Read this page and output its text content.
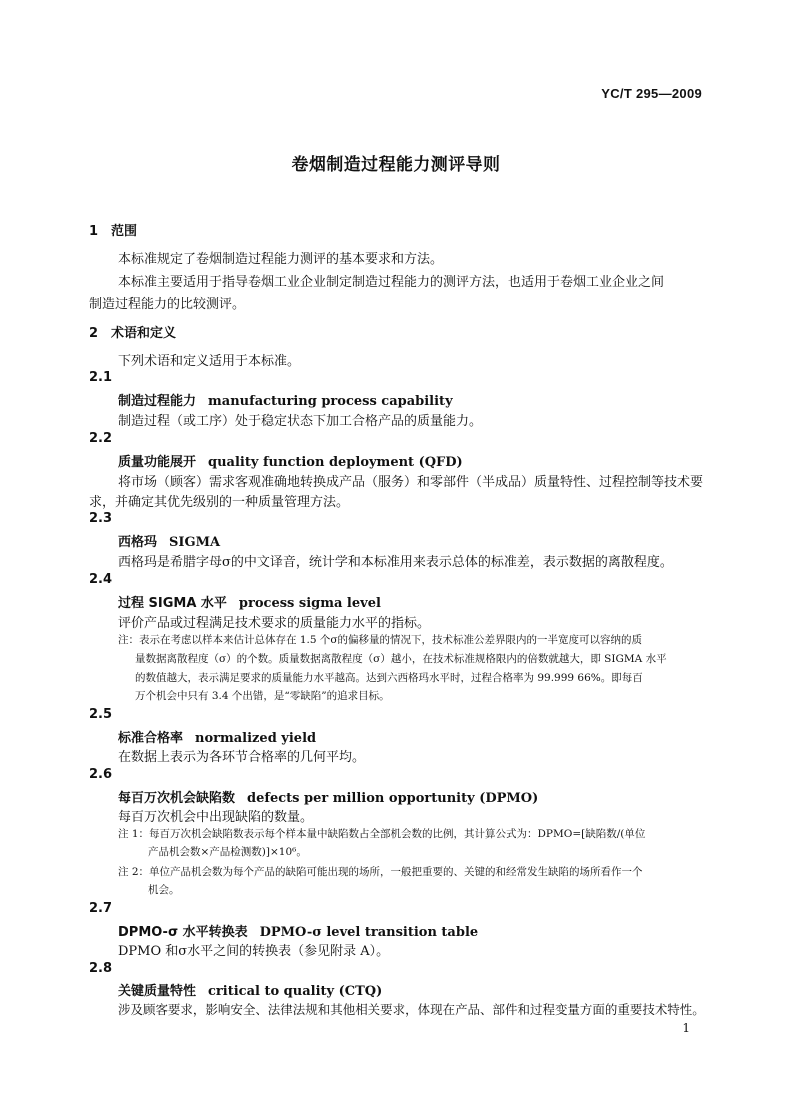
YC/T 295—2009
卷烟制造过程能力测评导则
1 范围
本标准规定了卷烟制造过程能力测评的基本要求和方法。
本标准主要适用于指导卷烟工业企业制定制造过程能力的测评方法，也适用于卷烟工业企业之间
制造过程能力的比较测评。
2 术语和定义
下列术语和定义适用于本标准。
2.1
制造过程能力 manufacturing process capability
制造过程（或工序）处于稳定状态下加工合格产品的质量能力。
2.2
质量功能展开 quality function deployment (QFD)
将市场（顾客）需求客观准确地转换成产品（服务）和零部件（半成品）质量特性、过程控制等技术要
求，并确定其优先级别的一种质量管理方法。
2.3
西格玛 SIGMA
西格玛是希腊字母σ的中文译音，统计学和本标准用来表示总体的标准差，表示数据的离散程度。
2.4
过程 SIGMA 水平 process sigma level
评价产品或过程满足技术要求的质量能力水平的指标。
注：表示在考虑以样本来估计总体存在 1.5 个σ的偏移量的情况下，技术标准公差界限内的一半宽度可以容纳的质
量数据离散程度（σ）的个数。质量数据离散程度（σ）越小，在技术标准规格限内的倍数就越大，即 SIGMA 水平
的数值越大，表示满足要求的质量能力水平越高。达到六西格玛水平时，过程合格率为 99.999 66%。即每百
万个机会中只有 3.4 个出错，是“零缺陷”的追求目标。
2.5
标准合格率 normalized yield
在数据上表示为各环节合格率的几何平均。
2.6
每百万次机会缺陷数 defects per million opportunity (DPMO)
每百万次机会中出现缺陷的数量。
注 1：每百万次机会缺陷数表示每个样本量中缺陷数占全部机会数的比例，其计算公式为：DPMO=[缺陷数/(单位
产品机会数×产品检测数)]×10⁶。
注 2：单位产品机会数为每个产品的缺陷可能出现的场所，一般把重要的、关键的和经常发生缺陷的场所看作一个
机会。
2.7
DPMO-σ 水平转换表 DPMO-σ level transition table
DPMO 和σ水平之间的转换表（参见附录 A）。
2.8
关键质量特性 critical to quality (CTQ)
涉及顾客要求，影响安全、法律法规和其他相关要求，体现在产品、部件和过程变量方面的重要技术特性。
1
